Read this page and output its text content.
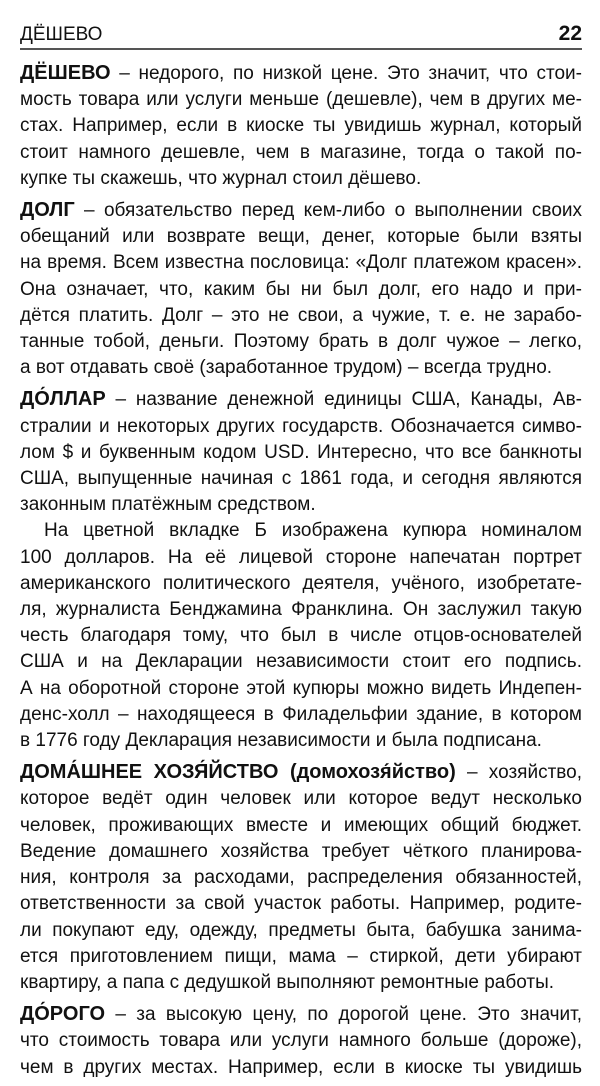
ДЁШЕВО	22
ДЁШЕВО – недорого, по низкой цене. Это значит, что стои-
мость товара или услуги меньше (дешевле), чем в других ме-
стах. Например, если в киоске ты увидишь журнал, который
стоит намного дешевле, чем в магазине, тогда о такой по-
купке ты скажешь, что журнал стоил дёшево.
ДОЛГ – обязательство перед кем-либо о выполнении своих
обещаний или возврате вещи, денег, которые были взяты
на время. Всем известна пословица: «Долг платежом красен».
Она означает, что, каким бы ни был долг, его надо и при-
дётся платить. Долг – это не свои, а чужие, т. е. не зарабо-
танные тобой, деньги. Поэтому брать в долг чужое – легко,
а вот отдавать своё (заработанное трудом) – всегда трудно.
ДО́ЛЛАР – название денежной единицы США, Канады, Ав-
стралии и некоторых других государств. Обозначается симво-
лом $ и буквенным кодом USD. Интересно, что все банкноты
США, выпущенные начиная с 1861 года, и сегодня являются
законным платёжным средством.
На цветной вкладке Б изображена купюра номиналом
100 долларов. На её лицевой стороне напечатан портрет
американского политического деятеля, учёного, изобретате-
ля, журналиста Бенджамина Франклина. Он заслужил такую
честь благодаря тому, что был в числе отцов-основателей
США и на Декларации независимости стоит его подпись.
А на оборотной стороне этой купюры можно видеть Индепен-
денс-холл – находящееся в Филадельфии здание, в котором
в 1776 году Декларация независимости и была подписана.
ДОМА́ШНЕЕ ХОЗЯ́ЙСТВО (домохозя́йство) – хозяйство,
которое ведёт один человек или которое ведут несколько
человек, проживающих вместе и имеющих общий бюджет.
Ведение домашнего хозяйства требует чёткого планирова-
ния, контроля за расходами, распределения обязанностей,
ответственности за свой участок работы. Например, родите-
ли покупают еду, одежду, предметы быта, бабушка занима-
ется приготовлением пищи, мама – стиркой, дети убирают
квартиру, а папа с дедушкой выполняют ремонтные работы.
ДО́РОГО – за высокую цену, по дорогой цене. Это значит,
что стоимость товара или услуги намного больше (дороже),
чем в других местах. Например, если в киоске ты увидишь
